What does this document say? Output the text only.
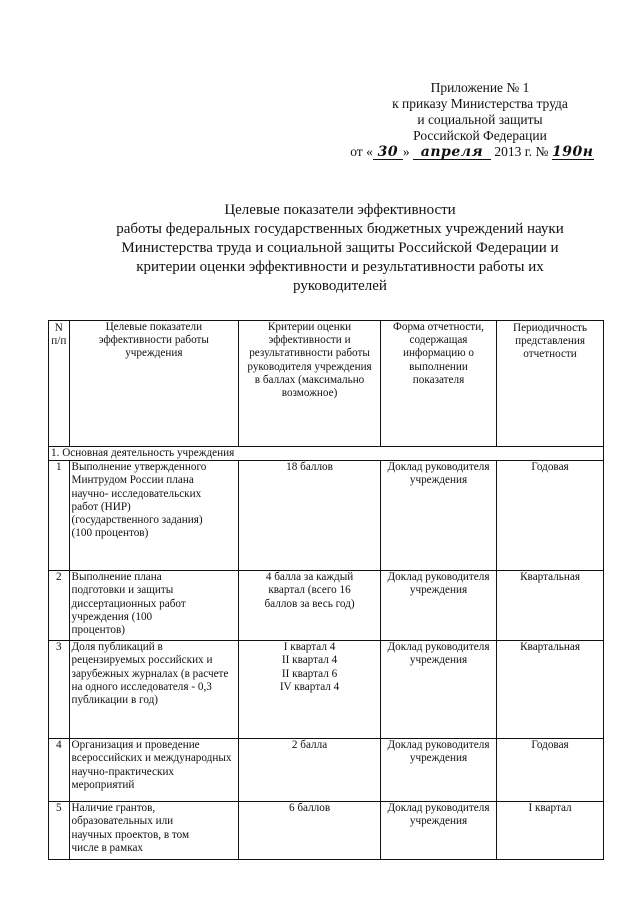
Приложение № 1
к приказу Министерства труда
и социальной защиты
Российской Федерации
от « 30 » апреля 2013 г. № 190н
Целевые показатели эффективности
работы федеральных государственных бюджетных учреждений науки
Министерства труда и социальной защиты Российской Федерации и
критерии оценки эффективности и результативности работы их
руководителей
N п/п	Целевые показатели эффективности работы учреждения	Критерии оценки эффективности и результативности работы руководителя учреждения в баллах (максимально возможное)	Форма отчетности, содержащая информацию о выполнении показателя	Периодичность представления отчетности
1. Основная деятельность учреждения				
1	Выполнение утвержденного Минтрудом России плана научно- исследовательских работ (НИР) (государственного задания) (100 процентов)	18 баллов	Доклад руководителя учреждения	Годовая
2	Выполнение плана подготовки и защиты диссертационных работ учреждения (100 процентов)	4 балла за каждый квартал (всего 16 баллов за весь год)	Доклад руководителя учреждения	Квартальная
3	Доля публикаций в рецензируемых российских и зарубежных журналах (в расчете на одного исследователя - 0,3 публикации в год)	I квартал 4
II квартал 4
II квартал 6
IV квартал 4	Доклад руководителя учреждения	Квартальная
4	Организация и проведение всероссийских и международных научно-практических мероприятий	2 балла	Доклад руководителя учреждения	Годовая
5	Наличие грантов, образовательных или научных проектов, в том числе в рамках	6 баллов	Доклад руководителя учреждения	I квартал
